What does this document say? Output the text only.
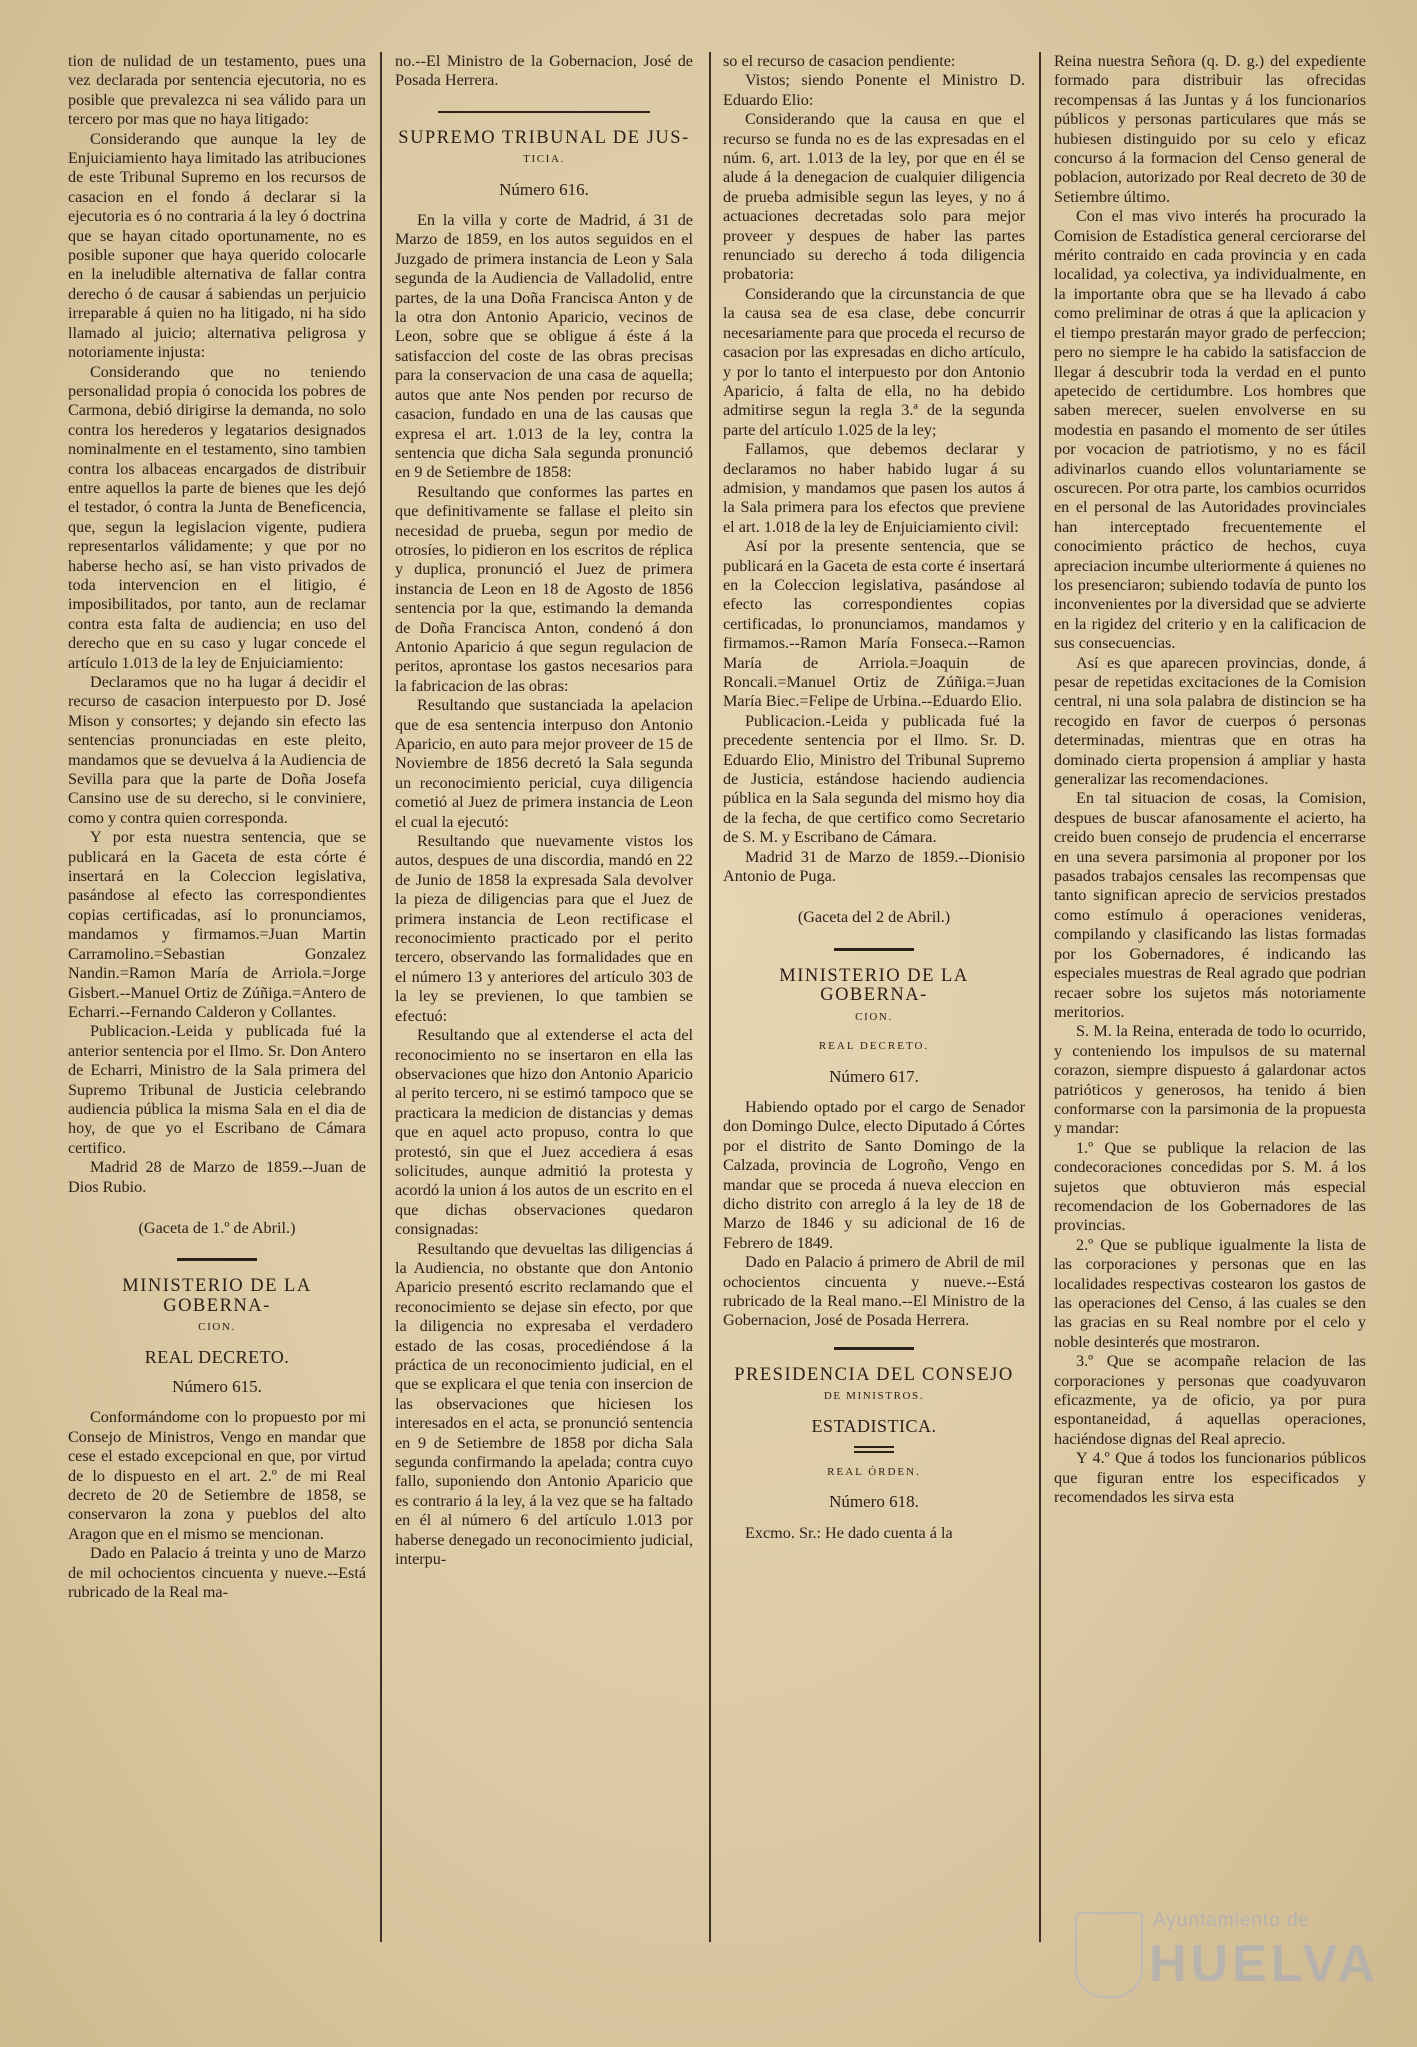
tion de nulidad de un testamento, pues una vez declarada por sentencia ejecutoria, no es posible que prevalezca ni sea válido para un tercero por mas que no haya litigado:

Considerando que aunque la ley de Enjuiciamiento haya limitado las atribuciones de este Tribunal Supremo en los recursos de casacion en el fondo á declarar si la ejecutoria es ó no contraria á la ley ó doctrina que se hayan citado oportunamente, no es posible suponer que haya querido colocarle en la ineludible alternativa de fallar contra derecho ó de causar á sabiendas un perjuicio irreparable á quien no ha litigado, ni ha sido llamado al juicio; alternativa peligrosa y notoriamente injusta:

Considerando que no teniendo personalidad propia ó conocida los pobres de Carmona, debió dirigirse la demanda, no solo contra los herederos y legatarios designados nominalmente en el testamento, sino tambien contra los albaceas encargados de distribuir entre aquellos la parte de bienes que les dejó el testador, ó contra la Junta de Beneficencia, que, segun la legislacion vigente, pudiera representarlos válidamente; y que por no haberse hecho así, se han visto privados de toda intervencion en el litigio, é imposibilitados, por tanto, aun de reclamar contra esta falta de audiencia; en uso del derecho que en su caso y lugar concede el artículo 1.013 de la ley de Enjuiciamiento:

Declaramos que no ha lugar á decidir el recurso de casacion interpuesto por D. José Mison y consortes; y dejando sin efecto las sentencias pronunciadas en este pleito, mandamos que se devuelva á la Audiencia de Sevilla para que la parte de Doña Josefa Cansino use de su derecho, si le conviniere, como y contra quien corresponda.

Y por esta nuestra sentencia, que se publicará en la Gaceta de esta córte é insertará en la Coleccion legislativa, pasándose al efecto las correspondientes copias certificadas, así lo pronunciamos, mandamos y firmamos.=Juan Martin Carramolino.=Sebastian Gonzalez Nandin.=Ramon María de Arriola.=Jorge Gisbert.--Manuel Ortiz de Zúñiga.=Antero de Echarri.--Fernando Calderon y Collantes.

Publicacion.-Leida y publicada fué la anterior sentencia por el Ilmo. Sr. Don Antero de Echarri, Ministro de la Sala primera del Supremo Tribunal de Justicia celebrando audiencia pública la misma Sala en el dia de hoy, de que yo el Escribano de Cámara certifico.

Madrid 28 de Marzo de 1859.--Juan de Dios Rubio.

(Gaceta de 1.º de Abril.)

MINISTERIO DE LA GOBERNA-
CION.
REAL DECRETO.
Número 615.

Conformándome con lo propuesto por mi Consejo de Ministros, Vengo en mandar que cese el estado excepcional en que, por virtud de lo dispuesto en el art. 2.º de mi Real decreto de 20 de Setiembre de 1858, se conservaron la zona y pueblos del alto Aragon que en el mismo se mencionan.

Dado en Palacio á treinta y uno de Marzo de mil ochocientos cincuenta y nueve.--Está rubricado de la Real ma-

no.--El Ministro de la Gobernacion, José de Posada Herrera.

SUPREMO TRIBUNAL DE JUS-
TICIA.
Número 616.

En la villa y corte de Madrid, á 31 de Marzo de 1859, en los autos seguidos en el Juzgado de primera instancia de Leon y Sala segunda de la Audiencia de Valladolid, entre partes, de la una Doña Francisca Anton y de la otra don Antonio Aparicio, vecinos de Leon, sobre que se obligue á éste á la satisfaccion del coste de las obras precisas para la conservacion de una casa de aquella; autos que ante Nos penden por recurso de casacion, fundado en una de las causas que expresa el art. 1.013 de la ley, contra la sentencia que dicha Sala segunda pronunció en 9 de Setiembre de 1858:

Resultando que conformes las partes en que definitivamente se fallase el pleito sin necesidad de prueba, segun por medio de otrosíes, lo pidieron en los escritos de réplica y duplica, pronunció el Juez de primera instancia de Leon en 18 de Agosto de 1856 sentencia por la que, estimando la demanda de Doña Francisca Anton, condenó á don Antonio Aparicio á que segun regulacion de peritos, aprontase los gastos necesarios para la fabricacion de las obras:

Resultando que sustanciada la apelacion que de esa sentencia interpuso don Antonio Aparicio, en auto para mejor proveer de 15 de Noviembre de 1856 decretó la Sala segunda un reconocimiento pericial, cuya diligencia cometió al Juez de primera instancia de Leon el cual la ejecutó:

Resultando que nuevamente vistos los autos, despues de una discordia, mandó en 22 de Junio de 1858 la expresada Sala devolver la pieza de diligencias para que el Juez de primera instancia de Leon rectificase el reconocimiento practicado por el perito tercero, observando las formalidades que en el número 13 y anteriores del artículo 303 de la ley se previenen, lo que tambien se efectuó:

Resultando que al extenderse el acta del reconocimiento no se insertaron en ella las observaciones que hizo don Antonio Aparicio al perito tercero, ni se estimó tampoco que se practicara la medicion de distancias y demas que en aquel acto propuso, contra lo que protestó, sin que el Juez accediera á esas solicitudes, aunque admitió la protesta y acordó la union á los autos de un escrito en el que dichas observaciones quedaron consignadas:

Resultando que devueltas las diligencias á la Audiencia, no obstante que don Antonio Aparicio presentó escrito reclamando que el reconocimiento se dejase sin efecto, por que la diligencia no expresaba el verdadero estado de las cosas, procediéndose á la práctica de un reconocimiento judicial, en el que se explicara el que tenia con insercion de las observaciones que hiciesen los interesados en el acta, se pronunció sentencia en 9 de Setiembre de 1858 por dicha Sala segunda confirmando la apelada; contra cuyo fallo, suponiendo don Antonio Aparicio que es contrario á la ley, á la vez que se ha faltado en él al número 6 del artículo 1.013 por haberse denegado un reconocimiento judicial, interpu-

so el recurso de casacion pendiente:

Vistos; siendo Ponente el Ministro D. Eduardo Elio:

Considerando que la causa en que el recurso se funda no es de las expresadas en el núm. 6, art. 1.013 de la ley, por que en él se alude á la denegacion de cualquier diligencia de prueba admisible segun las leyes, y no á actuaciones decretadas solo para mejor proveer y despues de haber las partes renunciado su derecho á toda diligencia probatoria:

Considerando que la circunstancia de que la causa sea de esa clase, debe concurrir necesariamente para que proceda el recurso de casacion por las expresadas en dicho artículo, y por lo tanto el interpuesto por don Antonio Aparicio, á falta de ella, no ha debido admitirse segun la regla 3.ª de la segunda parte del artículo 1.025 de la ley;

Fallamos, que debemos declarar y declaramos no haber habido lugar á su admision, y mandamos que pasen los autos á la Sala primera para los efectos que previene el art. 1.018 de la ley de Enjuiciamiento civil:

Así por la presente sentencia, que se publicará en la Gaceta de esta corte é insertará en la Coleccion legislativa, pasándose al efecto las correspondientes copias certificadas, lo pronunciamos, mandamos y firmamos.--Ramon María Fonseca.--Ramon María de Arriola.=Joaquin de Roncali.=Manuel Ortiz de Zúñiga.=Juan María Biec.=Felipe de Urbina.--Eduardo Elio.

Publicacion.-Leida y publicada fué la precedente sentencia por el Ilmo. Sr. D. Eduardo Elio, Ministro del Tribunal Supremo de Justicia, estándose haciendo audiencia pública en la Sala segunda del mismo hoy dia de la fecha, de que certifico como Secretario de S. M. y Escribano de Cámara.

Madrid 31 de Marzo de 1859.--Dionisio Antonio de Puga.

(Gaceta del 2 de Abril.)

MINISTERIO DE LA GOBERNA-
CION.
REAL DECRETO.
Número 617.

Habiendo optado por el cargo de Senador don Domingo Dulce, electo Diputado á Córtes por el distrito de Santo Domingo de la Calzada, provincia de Logroño, Vengo en mandar que se proceda á nueva eleccion en dicho distrito con arreglo á la ley de 18 de Marzo de 1846 y su adicional de 16 de Febrero de 1849.

Dado en Palacio á primero de Abril de mil ochocientos cincuenta y nueve.--Está rubricado de la Real mano.--El Ministro de la Gobernacion, José de Posada Herrera.

PRESIDENCIA DEL CONSEJO
DE MINISTROS.
ESTADISTICA.
REAL ÓRDEN.
Número 618.

Excmo. Sr.: He dado cuenta á la

Reina nuestra Señora (q. D. g.) del expediente formado para distribuir las ofrecidas recompensas á las Juntas y á los funcionarios públicos y personas particulares que más se hubiesen distinguido por su celo y eficaz concurso á la formacion del Censo general de poblacion, autorizado por Real decreto de 30 de Setiembre último.

Con el mas vivo interés ha procurado la Comision de Estadística general cerciorarse del mérito contraido en cada provincia y en cada localidad, ya colectiva, ya individualmente, en la importante obra que se ha llevado á cabo como preliminar de otras á que la aplicacion y el tiempo prestarán mayor grado de perfeccion; pero no siempre le ha cabido la satisfaccion de llegar á descubrir toda la verdad en el punto apetecido de certidumbre. Los hombres que saben merecer, suelen envolverse en su modestia en pasando el momento de ser útiles por vocacion de patriotismo, y no es fácil adivinarlos cuando ellos voluntariamente se oscurecen. Por otra parte, los cambios ocurridos en el personal de las Autoridades provinciales han interceptado frecuentemente el conocimiento práctico de hechos, cuya apreciacion incumbe ulteriormente á quienes no los presenciaron; subiendo todavía de punto los inconvenientes por la diversidad que se advierte en la rigidez del criterio y en la calificacion de sus consecuencias.

Así es que aparecen provincias, donde, á pesar de repetidas excitaciones de la Comision central, ni una sola palabra de distincion se ha recogido en favor de cuerpos ó personas determinadas, mientras que en otras ha dominado cierta propension á ampliar y hasta generalizar las recomendaciones.

En tal situacion de cosas, la Comision, despues de buscar afanosamente el acierto, ha creido buen consejo de prudencia el encerrarse en una severa parsimonia al proponer por los pasados trabajos censales las recompensas que tanto significan aprecio de servicios prestados como estímulo á operaciones venideras, compilando y clasificando las listas formadas por los Gobernadores, é indicando las especiales muestras de Real agrado que podrian recaer sobre los sujetos más notoriamente meritorios.

S. M. la Reina, enterada de todo lo ocurrido, y conteniendo los impulsos de su maternal corazon, siempre dispuesto á galardonar actos patrióticos y generosos, ha tenido á bien conformarse con la parsimonia de la propuesta y mandar:

1.º Que se publique la relacion de las condecoraciones concedidas por S. M. á los sujetos que obtuvieron más especial recomendacion de los Gobernadores de las provincias.

2.º Que se publique igualmente la lista de las corporaciones y personas que en las localidades respectivas costearon los gastos de las operaciones del Censo, á las cuales se den las gracias en su Real nombre por el celo y noble desinterés que mostraron.

3.º Que se acompañe relacion de las corporaciones y personas que coadyuvaron eficazmente, ya de oficio, ya por pura espontaneidad, á aquellas operaciones, haciéndose dignas del Real aprecio.

Y 4.º Que á todos los funcionarios públicos que figuran entre los especificados y recomendados les sirva esta

Ayuntamiento de
HUELVA
